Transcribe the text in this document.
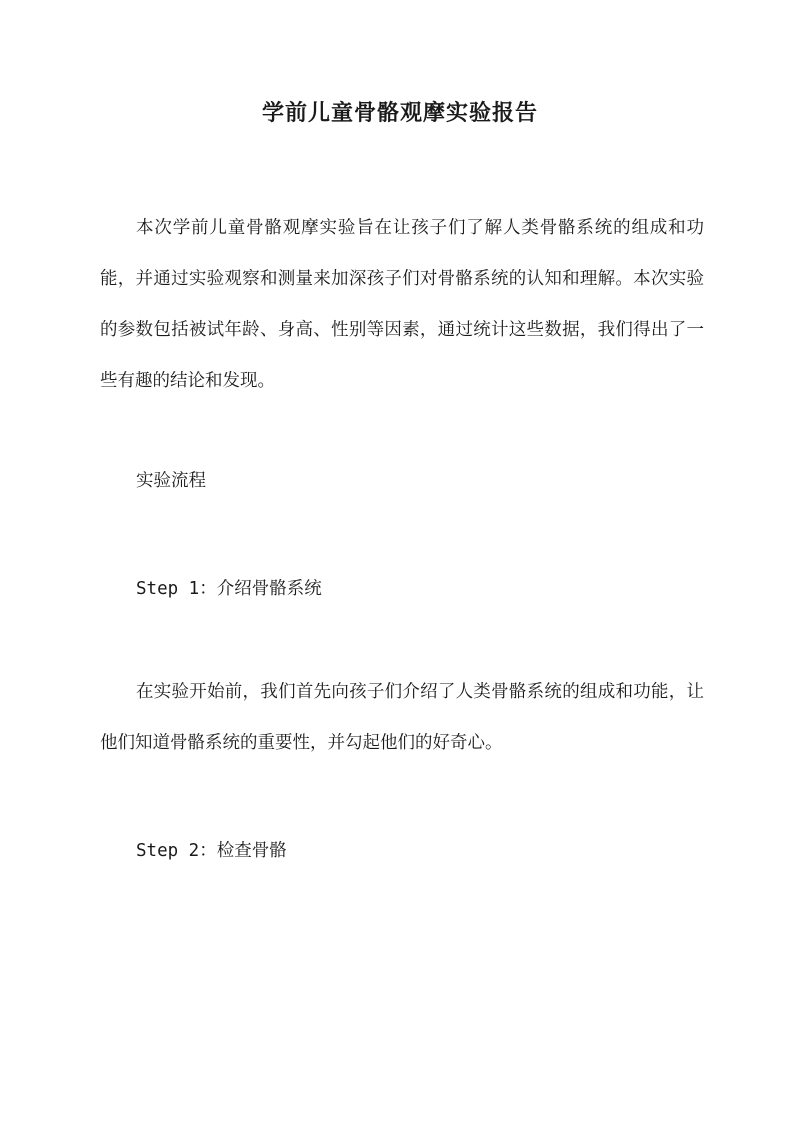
学前儿童骨骼观摩实验报告
本次学前儿童骨骼观摩实验旨在让孩子们了解人类骨骼系统的组成和功能，并通过实验观察和测量来加深孩子们对骨骼系统的认知和理解。本次实验的参数包括被试年龄、身高、性别等因素，通过统计这些数据，我们得出了一些有趣的结论和发现。
实验流程
Step 1：介绍骨骼系统
在实验开始前，我们首先向孩子们介绍了人类骨骼系统的组成和功能，让他们知道骨骼系统的重要性，并勾起他们的好奇心。
Step 2：检查骨骼
